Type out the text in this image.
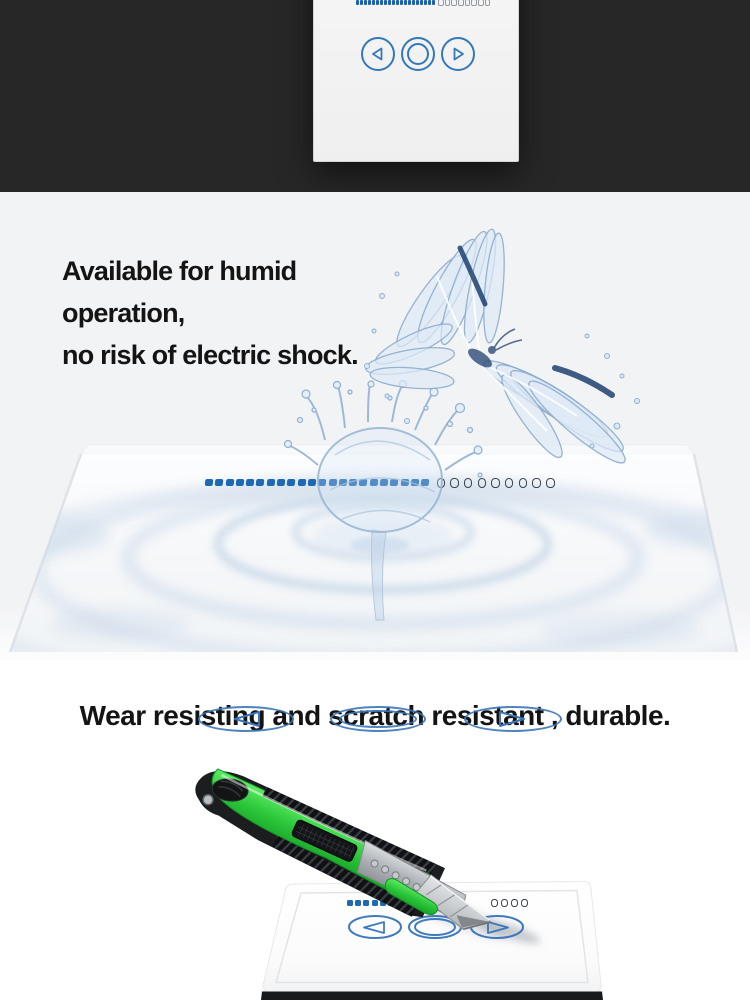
Available for humid
operation,
no risk of electric shock.
Wear resisting and scratch resistant , durable.
